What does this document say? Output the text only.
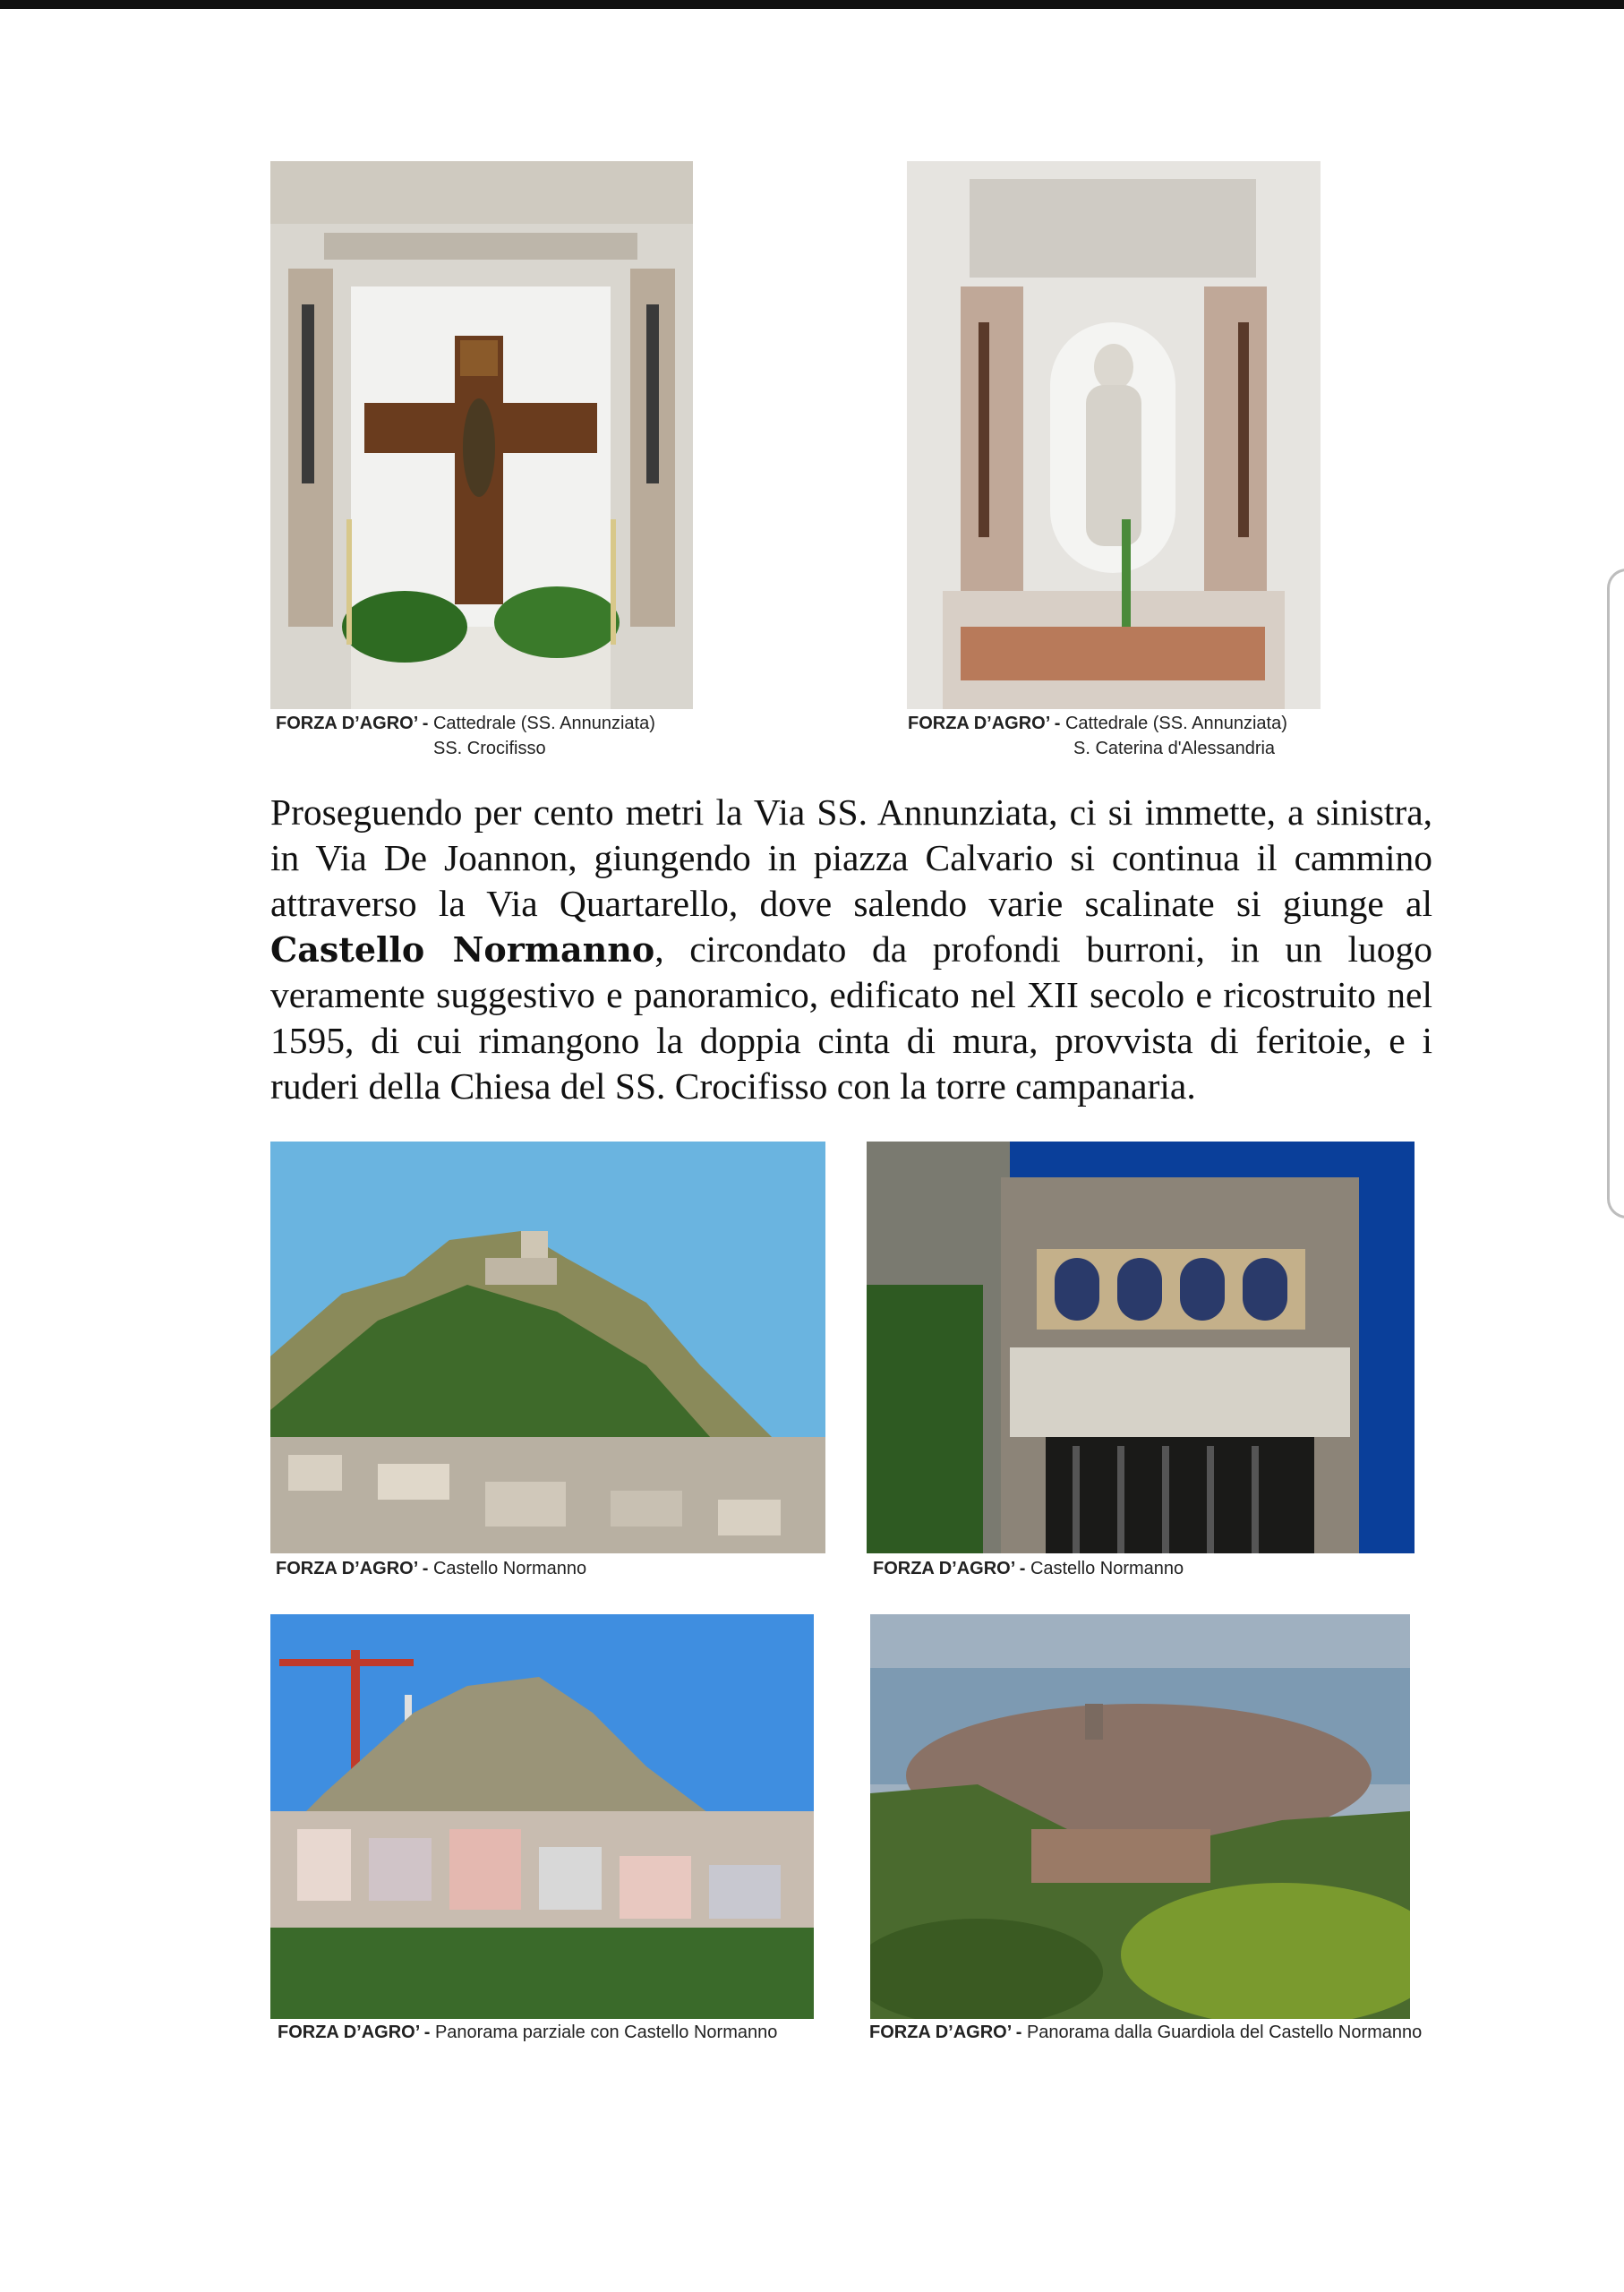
FORZA D’AGRO’ - Cattedrale (SS. Annunziata)
SS. Crocifisso

FORZA D’AGRO’ - Cattedrale (SS. Annunziata)
S. Caterina d'Alessandria

Proseguendo per cento metri la Via SS. Annunziata, ci si immette, a sinistra, in Via De Joannon, giungendo in piazza Calvario si continua il cammino attraverso la Via Quartarello, dove salendo varie scalinate si giunge al Castello Normanno, circondato da profondi burroni, in un luogo veramente suggestivo e panoramico, edificato nel XII secolo e ricostruito nel 1595, di cui rimangono la doppia cinta di mura, provvista di feritoie, e i ruderi della Chiesa del SS. Crocifisso con la torre campanaria.

FORZA D’AGRO’ - Castello Normanno	FORZA D’AGRO’ - Castello Normanno

FORZA D’AGRO’ - Panorama parziale con Castello Normanno	FORZA D’AGRO’ - Panorama dalla Guardiola del Castello Normanno
